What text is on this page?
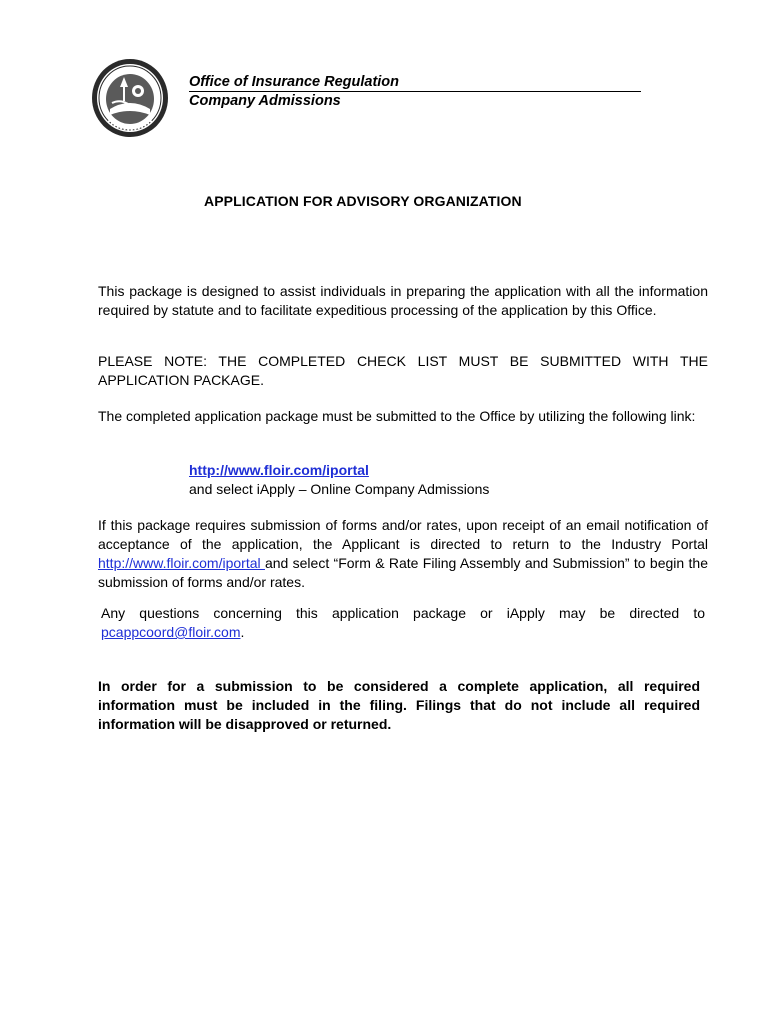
Office of Insurance Regulation
Company Admissions
APPLICATION FOR ADVISORY ORGANIZATION

This package is designed to assist individuals in preparing the application with all the information required by statute and to facilitate expeditious processing of the application by this Office.

PLEASE NOTE: THE COMPLETED CHECK LIST MUST BE SUBMITTED WITH THE APPLICATION PACKAGE.

The completed application package must be submitted to the Office by utilizing the following link:

http://www.floir.com/iportal
and select iApply – Online Company Admissions

If this package requires submission of forms and/or rates, upon receipt of an email notification of acceptance of the application, the Applicant is directed to return to the Industry Portal http://www.floir.com/iportal and select “Form & Rate Filing Assembly and Submission” to begin the submission of forms and/or rates.

Any questions concerning this application package or iApply may be directed to pcappcoord@floir.com.

In order for a submission to be considered a complete application, all required information must be included in the filing. Filings that do not include all required information will be disapproved or returned.
